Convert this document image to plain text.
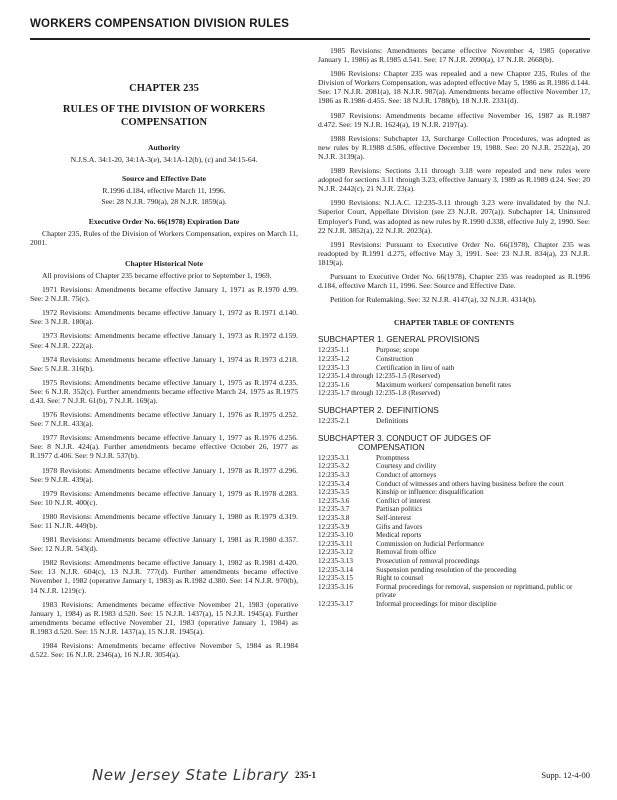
WORKERS COMPENSATION DIVISION RULES
CHAPTER 235
RULES OF THE DIVISION OF WORKERS
COMPENSATION
Authority
N.J.S.A. 34:1-20, 34:1A-3(e), 34:1A-12(b), (c) and 34:15-64.
Source and Effective Date
R.1996 d.184, effective March 11, 1996.
See: 28 N.J.R. 790(a), 28 N.J.R. 1859(a).
Executive Order No. 66(1978) Expiration Date

Chapter 235, Rules of the Division of Workers Compensation, expires on March 11, 2001.

Chapter Historical Note

All provisions of Chapter 235 became effective prior to September 1, 1969.

1971 Revisions: Amendments became effective January 1, 1971 as R.1970 d.99. See: 2 N.J.R. 75(c).

1972 Revisions: Amendments became effective January 1, 1972 as R.1971 d.140. See: 3 N.J.R. 180(a).

1973 Revisions: Amendments became effective January 1, 1973 as R.1972 d.159. See: 4 N.J.R. 222(a).

1974 Revisions: Amendments became effective January 1, 1974 as R.1973 d.218. See: 5 N.J.R. 316(b).

1975 Revisions: Amendments became effective January 1, 1975 as R.1974 d.235. See: 6 N.J.R. 352(c). Further amendments became effective March 24, 1975 as R.1975 d.43. See: 7 N.J.R. 61(b), 7 N.J.R. 169(a).

1976 Revisions: Amendments became effective January 1, 1976 as R.1975 d.252. See: 7 N.J.R. 433(a).

1977 Revisions: Amendments became effective January 1, 1977 as R.1976 d.256. See: 8 N.J.R. 424(a). Further amendments became effective October 26, 1977 as R.1977 d.406. See: 9 N.J.R. 537(b).

1978 Revisions: Amendments became effective January 1, 1978 as R.1977 d.296. See: 9 N.J.R. 439(a).

1979 Revisions: Amendments became effective January 1, 1979 as R.1978 d.283. See: 10 N.J.R. 400(c).

1980 Revisions: Amendments became effective January 1, 1980 as R.1979 d.319. See: 11 N.J.R. 449(b).

1981 Revisions: Amendments became effective January 1, 1981 as R.1980 d.357. See: 12 N.J.R. 543(d).

1982 Revisions: Amendments became effective January 1, 1982 as R.1981 d.420. See: 13 N.J.R. 604(c), 13 N.J.R. 777(d). Further amendments became effective November 1, 1982 (operative January 1, 1983) as R.1982 d.380. See: 14 N.J.R. 970(b), 14 N.J.R. 1219(c).

1983 Revisions: Amendments became effective November 21, 1983 (operative January 1, 1984) as R.1983 d.520. See: 15 N.J.R. 1437(a), 15 N.J.R. 1945(a). Further amendments became effective November 21, 1983 (operative January 1, 1984) as R.1983 d.520. See: 15 N.J.R. 1437(a), 15 N.J.R. 1945(a).

1984 Revisions: Amendments became effective November 5, 1984 as R.1984 d.522. See: 16 N.J.R. 2346(a), 16 N.J.R. 3054(a).

1985 Revisions: Amendments became effective November 4, 1985 (operative January 1, 1986) as R.1985 d.541. See: 17 N.J.R. 2090(a), 17 N.J.R. 2668(b).

1986 Revisions: Chapter 235 was repealed and a new Chapter 235, Rules of the Division of Workers Compensation, was adopted effective May 5, 1986 as R.1986 d.144. See: 17 N.J.R. 2081(a), 18 N.J.R. 987(a). Amendments became effective November 17, 1986 as R.1986 d.455. See: 18 N.J.R. 1788(b), 18 N.J.R. 2331(d).

1987 Revisions: Amendments became effective November 16, 1987 as R.1987 d.472. See: 19 N.J.R. 1624(a), 19 N.J.R. 2197(a).

1988 Revisions: Subchapter 13, Surcharge Collection Procedures, was adopted as new rules by R.1988 d.586, effective December 19, 1988. See: 20 N.J.R. 2522(a), 20 N.J.R. 3139(a).

1989 Revisions: Sections 3.11 through 3.18 were repealed and new rules were adopted for sections 3.11 through 3.23, effective January 3, 1989 as R.1989 d.24. See: 20 N.J.R. 2442(c), 21 N.J.R. 23(a).

1990 Revisions: N.J.A.C. 12:235-3.11 through 3.23 were invalidated by the N.J. Superior Court, Appellate Division (see 23 N.J.R. 207(a)). Subchapter 14, Uninsured Employer's Fund, was adopted as new rules by R.1990 d.338, effective July 2, 1990. See: 22 N.J.R. 3852(a), 22 N.J.R. 2023(a).

1991 Revisions: Pursuant to Executive Order No. 66(1978), Chapter 235 was readopted by R.1991 d.275, effective May 3, 1991. See: 23 N.J.R. 834(a), 23 N.J.R. 1819(a).

Pursuant to Executive Order No. 66(1978), Chapter 235 was readopted as R.1996 d.184, effective March 11, 1996. See: Source and Effective Date.

Petition for Rulemaking. See: 32 N.J.R. 4147(a), 32 N.J.R. 4314(b).

CHAPTER TABLE OF CONTENTS
SUBCHAPTER 1. GENERAL PROVISIONS
12:235-1.1	Purpose; scope
12:235-1.2	Construction
12:235-1.3	Certification in lieu of oath
12:235-1.4 through 12:235-1.5 (Reserved)
12:235-1.6	Maximum workers' compensation benefit rates
12:235-1.7 through 12:235-1.8 (Reserved)
SUBCHAPTER 2. DEFINITIONS
12:235-2.1	Definitions
SUBCHAPTER 3. CONDUCT OF JUDGES OF
COMPENSATION
12:235-3.1	Promptness
12:235-3.2	Courtesy and civility
12:235-3.3	Conduct of attorneys
12:235-3.4	Conduct of witnesses and others having business before the court
12:235-3.5	Kinship or influence: disqualification
12:235-3.6	Conflict of interest
12:235-3.7	Partisan politics
12:235-3.8	Self-interest
12:235-3.9	Gifts and favors
12:235-3.10	Medical reports
12:235-3.11	Commission on Judicial Performance
12:235-3.12	Removal from office
12:235-3.13	Prosecution of removal proceedings
12:235-3.14	Suspension pending resolution of the proceeding
12:235-3.15	Right to counsel
12:235-3.16	Formal proceedings for removal, suspension or reprimand, public or private
12:235-3.17	Informal proceedings for minor discipline
New Jersey State Library 235-1	Supp. 12-4-00
